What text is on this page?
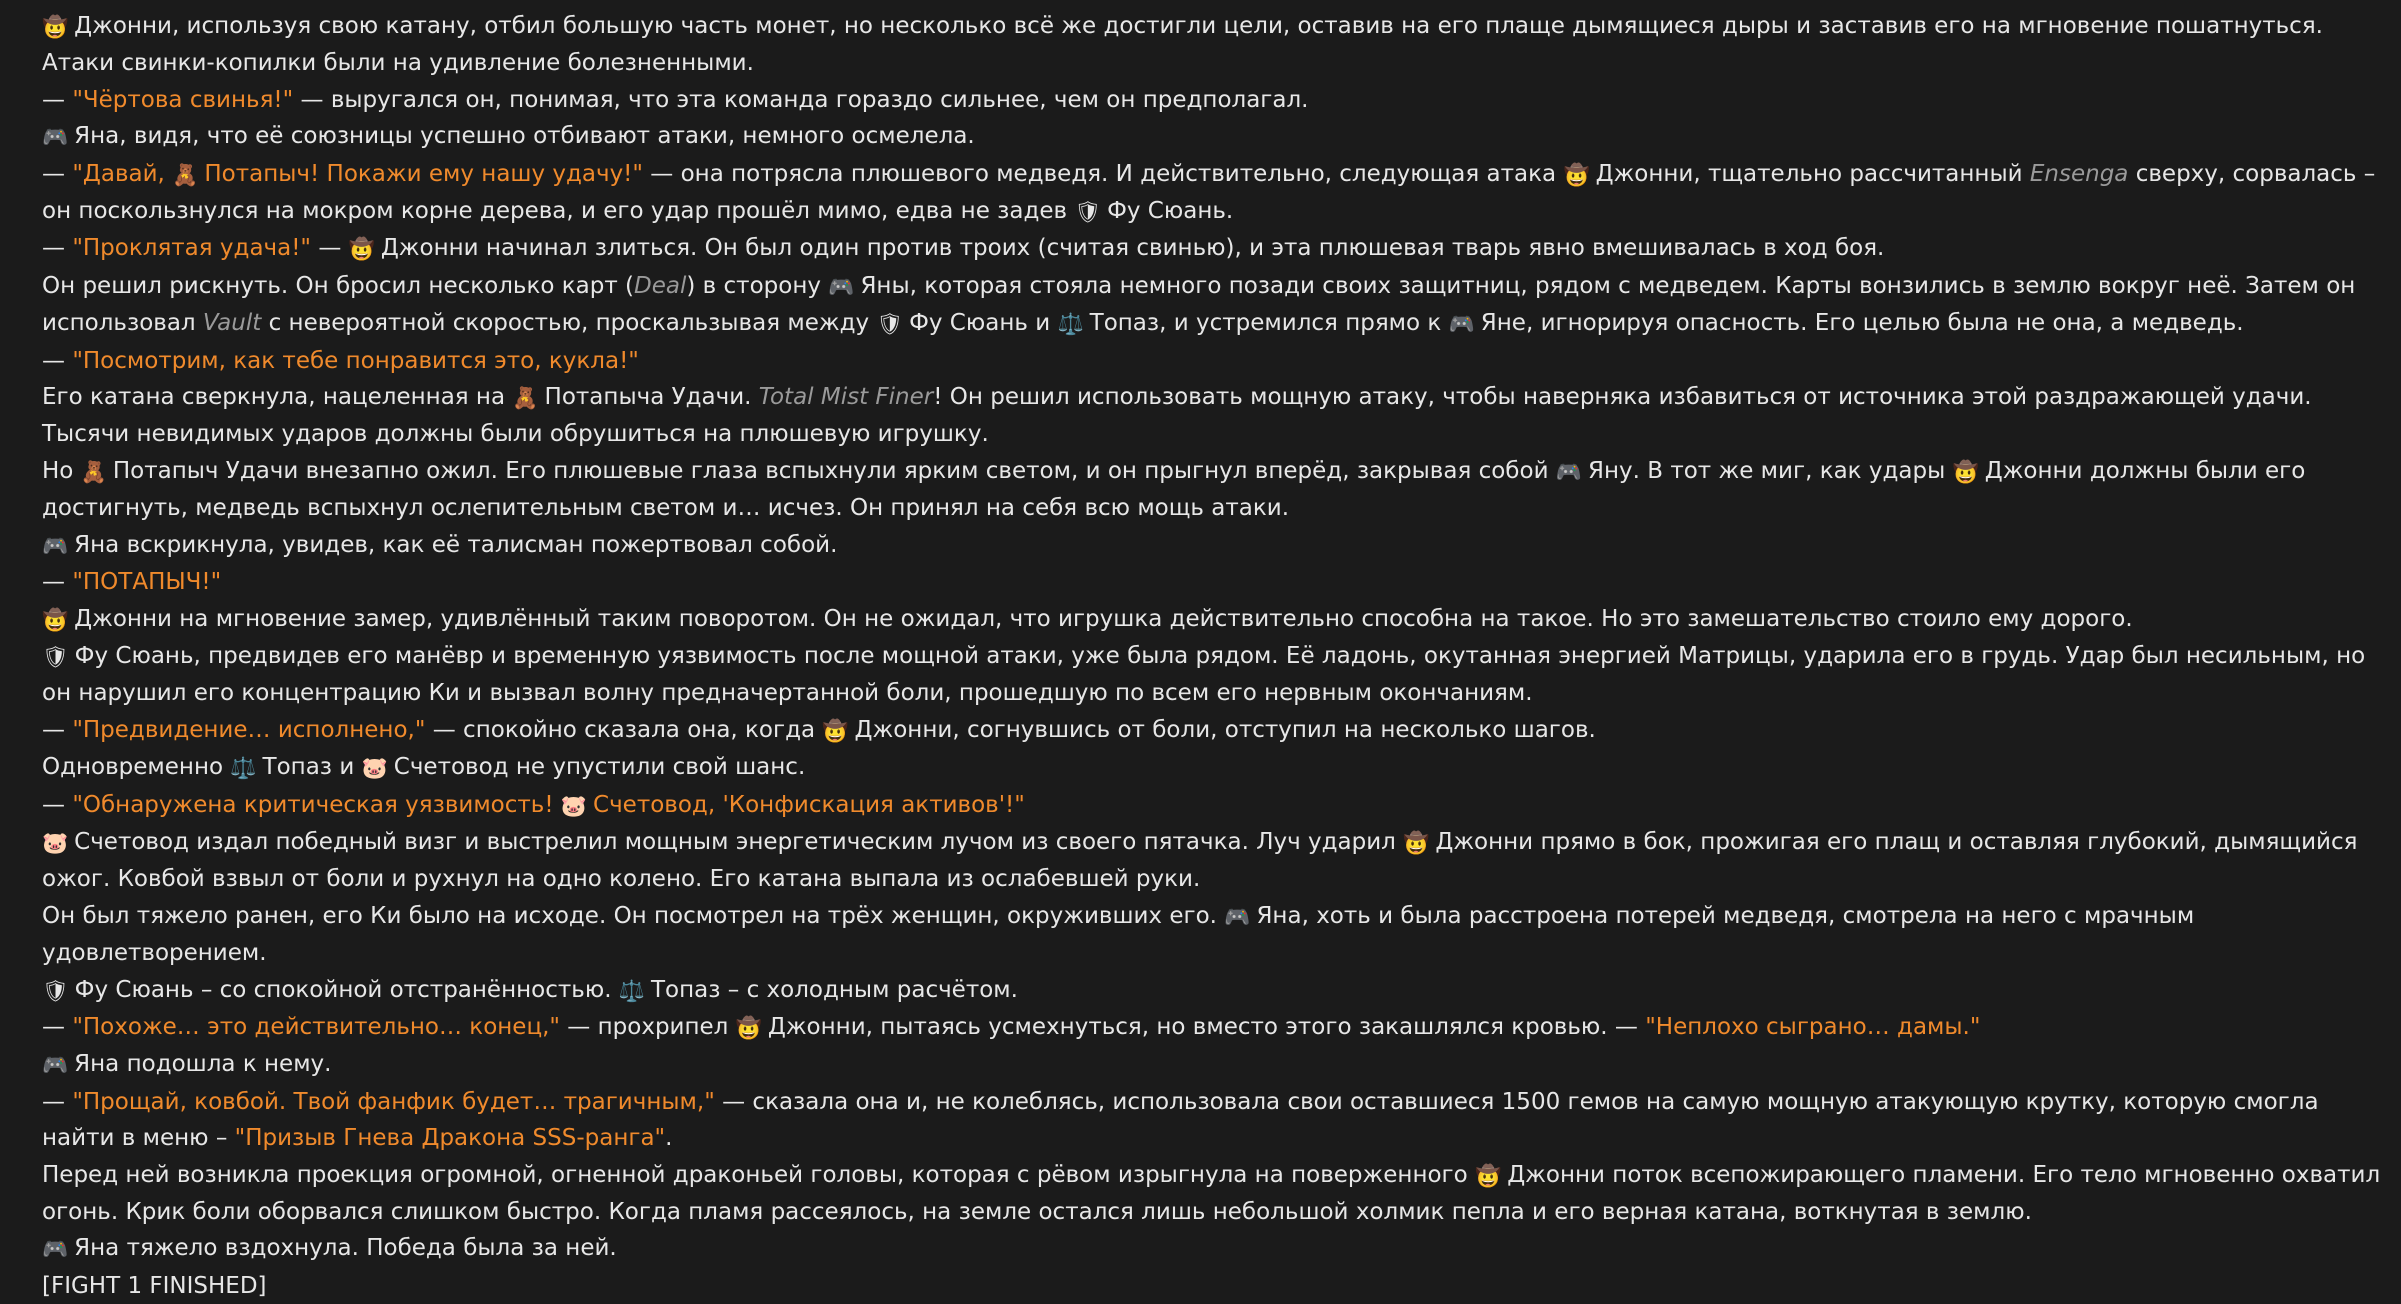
🤠 Джонни, используя свою катану, отбил большую часть монет, но несколько всё же достигли цели, оставив на его плаще дымящиеся дыры и заставив его на мгновение пошатнуться. Атаки свинки-копилки были на удивление болезненными.
— "Чёртова свинья!" — выругался он, понимая, что эта команда гораздо сильнее, чем он предполагал.
🎮 Яна, видя, что её союзницы успешно отбивают атаки, немного осмелела.
— "Давай, 🧸 Потапыч! Покажи ему нашу удачу!" — она потрясла плюшевого медведя. И действительно, следующая атака 🤠 Джонни, тщательно рассчитанный Ensenga сверху, сорвалась – он поскользнулся на мокром корне дерева, и его удар прошёл мимо, едва не задев 🛡 Фу Сюань.
— "Проклятая удача!" — 🤠 Джонни начинал злиться. Он был один против троих (считая свинью), и эта плюшевая тварь явно вмешивалась в ход боя.
Он решил рискнуть. Он бросил несколько карт (Deal) в сторону 🎮 Яны, которая стояла немного позади своих защитниц, рядом с медведем. Карты вонзились в землю вокруг неё. Затем он использовал Vault с невероятной скоростью, проскальзывая между 🛡 Фу Сюань и ⚖️ Топаз, и устремился прямо к 🎮 Яне, игнорируя опасность. Его целью была не она, а медведь.
— "Посмотрим, как тебе понравится это, кукла!"
Его катана сверкнула, нацеленная на 🧸 Потапыча Удачи. Total Mist Finer! Он решил использовать мощную атаку, чтобы наверняка избавиться от источника этой раздражающей удачи. Тысячи невидимых ударов должны были обрушиться на плюшевую игрушку.
Но 🧸 Потапыч Удачи внезапно ожил. Его плюшевые глаза вспыхнули ярким светом, и он прыгнул вперёд, закрывая собой 🎮 Яну. В тот же миг, как удары 🤠 Джонни должны были его достигнуть, медведь вспыхнул ослепительным светом и… исчез. Он принял на себя всю мощь атаки.
🎮 Яна вскрикнула, увидев, как её талисман пожертвовал собой.
— "ПОТАПЫЧ!"
🤠 Джонни на мгновение замер, удивлённый таким поворотом. Он не ожидал, что игрушка действительно способна на такое. Но это замешательство стоило ему дорого.
🛡 Фу Сюань, предвидев его манёвр и временную уязвимость после мощной атаки, уже была рядом. Её ладонь, окутанная энергией Матрицы, ударила его в грудь. Удар был несильным, но он нарушил его концентрацию Ки и вызвал волну предначертанной боли, прошедшую по всем его нервным окончаниям.
— "Предвидение… исполнено," — спокойно сказала она, когда 🤠 Джонни, согнувшись от боли, отступил на несколько шагов.
Одновременно ⚖️ Топаз и 🐷 Счетовод не упустили свой шанс.
— "Обнаружена критическая уязвимость! 🐷 Счетовод, 'Конфискация активов'!"
🐷 Счетовод издал победный визг и выстрелил мощным энергетическим лучом из своего пятачка. Луч ударил 🤠 Джонни прямо в бок, прожигая его плащ и оставляя глубокий, дымящийся ожог. Ковбой взвыл от боли и рухнул на одно колено. Его катана выпала из ослабевшей руки.
Он был тяжело ранен, его Ки было на исходе. Он посмотрел на трёх женщин, окруживших его. 🎮 Яна, хоть и была расстроена потерей медведя, смотрела на него с мрачным удовлетворением.
🛡 Фу Сюань – со спокойной отстранённостью. ⚖️ Топаз – с холодным расчётом.
— "Похоже… это действительно… конец," — прохрипел 🤠 Джонни, пытаясь усмехнуться, но вместо этого закашлялся кровью. — "Неплохо сыграно… дамы."
🎮 Яна подошла к нему.
— "Прощай, ковбой. Твой фанфик будет… трагичным," — сказала она и, не колеблясь, использовала свои оставшиеся 1500 гемов на самую мощную атакующую крутку, которую смогла найти в меню – "Призыв Гнева Дракона SSS-ранга".
Перед ней возникла проекция огромной, огненной драконьей головы, которая с рёвом изрыгнула на поверженного 🤠 Джонни поток всепожирающего пламени. Его тело мгновенно охватил огонь. Крик боли оборвался слишком быстро. Когда пламя рассеялось, на земле остался лишь небольшой холмик пепла и его верная катана, воткнутая в землю.
🎮 Яна тяжело вздохнула. Победа была за ней.
[FIGHT 1 FINISHED]
